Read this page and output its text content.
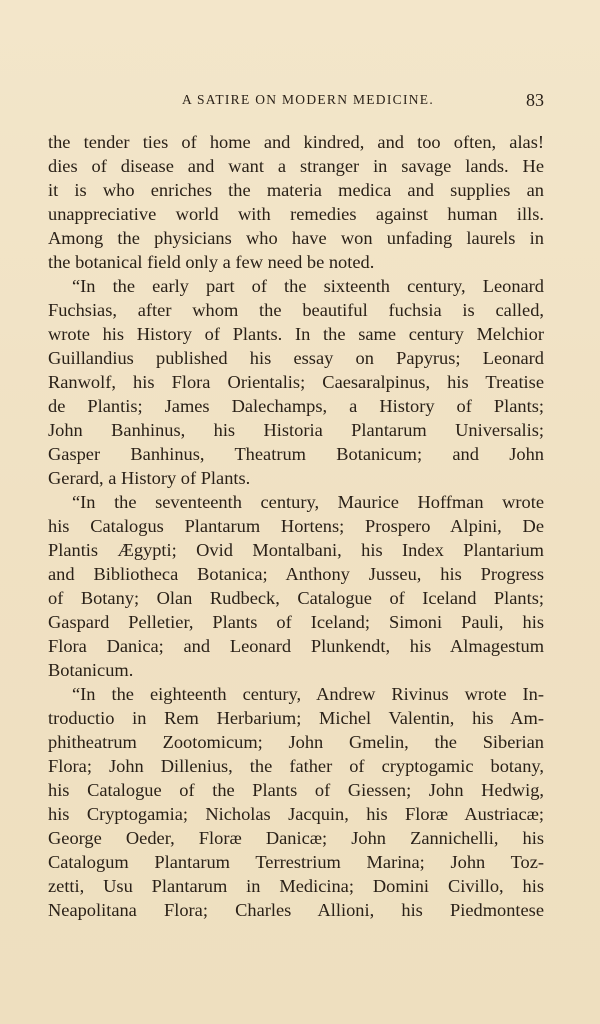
A SATIRE ON MODERN MEDICINE.	83
the tender ties of home and kindred, and too often, alas!
dies of disease and want a stranger in savage lands. He
it is who enriches the materia medica and supplies an
unappreciative world with remedies against human ills.
Among the physicians who have won unfading laurels in
the botanical field only a few need be noted.
“In the early part of the sixteenth century, Leonard
Fuchsias, after whom the beautiful fuchsia is called,
wrote his History of Plants. In the same century Melchior
Guillandius published his essay on Papyrus; Leonard
Ranwolf, his Flora Orientalis; Caesaralpinus, his Treatise
de Plantis; James Dalechamps, a History of Plants;
John Banhinus, his Historia Plantarum Universalis;
Gasper Banhinus, Theatrum Botanicum; and John
Gerard, a History of Plants.
“In the seventeenth century, Maurice Hoffman wrote
his Catalogus Plantarum Hortens; Prospero Alpini, De
Plantis Ægypti; Ovid Montalbani, his Index Plantarium
and Bibliotheca Botanica; Anthony Jusseu, his Progress
of Botany; Olan Rudbeck, Catalogue of Iceland Plants;
Gaspard Pelletier, Plants of Iceland; Simoni Pauli, his
Flora Danica; and Leonard Plunkendt, his Almagestum
Botanicum.
“In the eighteenth century, Andrew Rivinus wrote In-
troductio in Rem Herbarium; Michel Valentin, his Am-
phitheatrum Zootomicum; John Gmelin, the Siberian
Flora; John Dillenius, the father of cryptogamic botany,
his Catalogue of the Plants of Giessen; John Hedwig,
his Cryptogamia; Nicholas Jacquin, his Floræ Austriacæ;
George Oeder, Floræ Danicæ; John Zannichelli, his
Catalogum Plantarum Terrestrium Marina; John Toz-
zetti, Usu Plantarum in Medicina; Domini Civillo, his
Neapolitana Flora; Charles Allioni, his Piedmontese
